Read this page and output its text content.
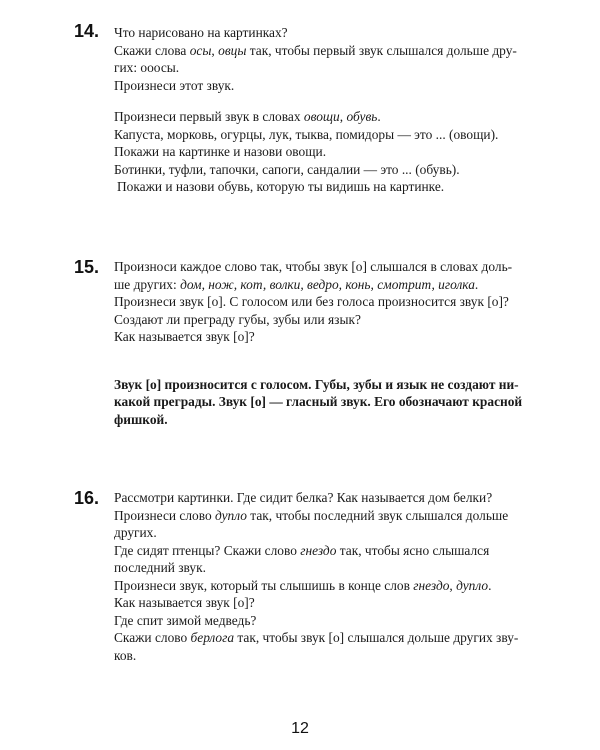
14. Что нарисовано на картинках?
Скажи слова осы, овцы так, чтобы первый звук слышался дольше дру-
гих: ооосы.
Произнеси этот звук.
Произнеси первый звук в словах овощи, обувь.
Капуста, морковь, огурцы, лук, тыква, помидоры — это ... (овощи).
Покажи на картинке и назови овощи.
Ботинки, туфли, тапочки, сапоги, сандалии — это ... (обувь).
Покажи и назови обувь, которую ты видишь на картинке.
15. Произноси каждое слово так, чтобы звук [о] слышался в словах доль-
ше других: дом, нож, кот, волки, ведро, конь, смотрит, иголка.
Произнеси звук [о]. С голосом или без голоса произносится звук [о]?
Создают ли преграду губы, зубы или язык?
Как называется звук [о]?
Звук [о] произносится с голосом. Губы, зубы и язык не создают ни-
какой преграды. Звук [о] — гласный звук. Его обозначают красной
фишкой.
16. Рассмотри картинки. Где сидит белка? Как называется дом белки?
Произнеси слово дупло так, чтобы последний звук слышался дольше
других.
Где сидят птенцы? Скажи слово гнездо так, чтобы ясно слышался
последний звук.
Произнеси звук, который ты слышишь в конце слов гнездо, дупло.
Как называется звук [о]?
Где спит зимой медведь?
Скажи слово берлога так, чтобы звук [о] слышался дольше других зву-
ков.
12
